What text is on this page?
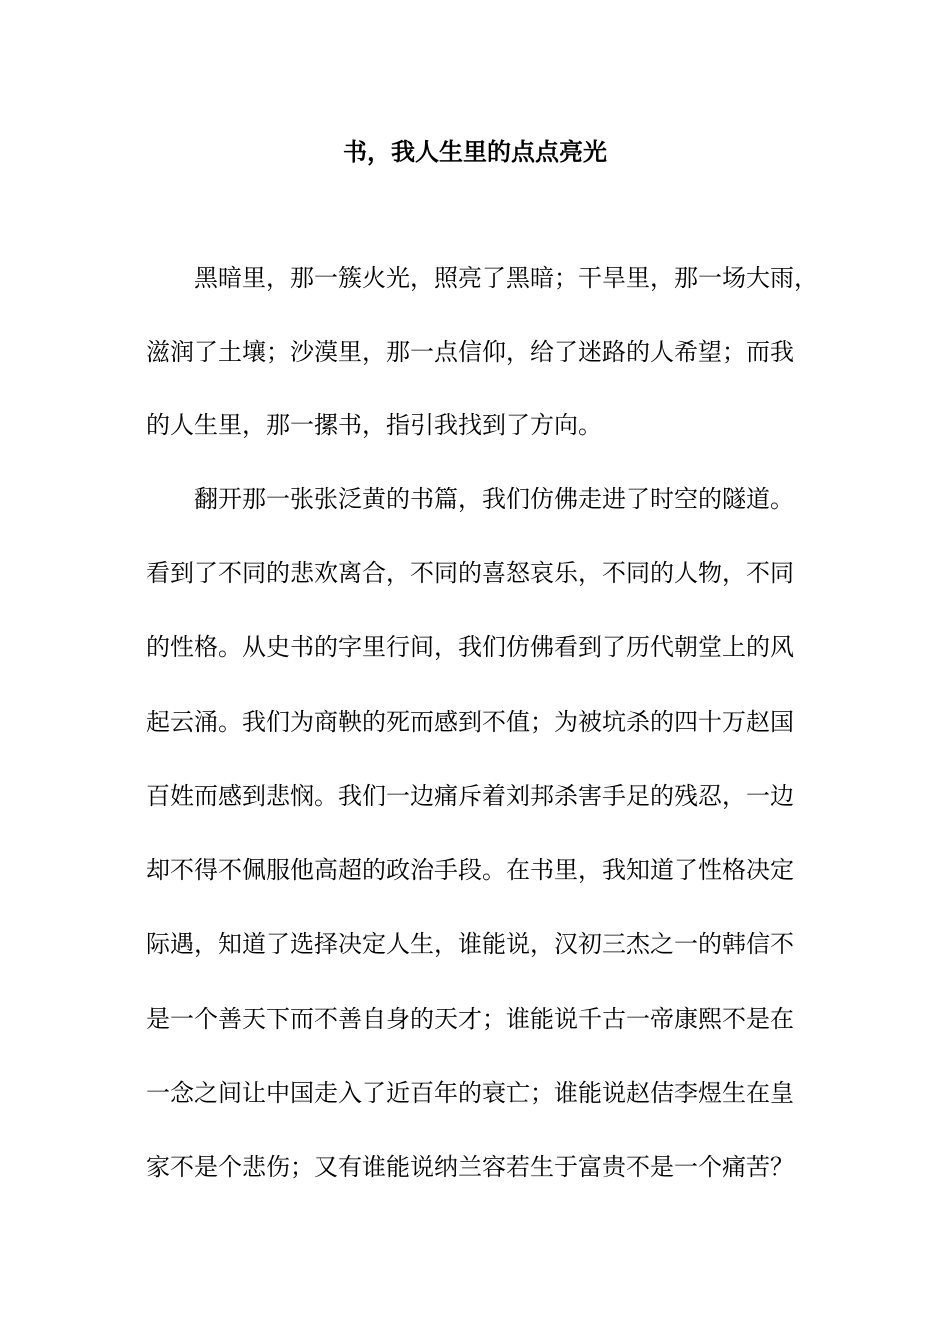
书，我人生里的点点亮光

黑暗里，那一簇火光，照亮了黑暗；干旱里，那一场大雨，

滋润了土壤；沙漠里，那一点信仰，给了迷路的人希望；而我

的人生里，那一摞书，指引我找到了方向。

翻开那一张张泛黄的书篇，我们仿佛走进了时空的隧道。

看到了不同的悲欢离合，不同的喜怒哀乐，不同的人物，不同

的性格。从史书的字里行间，我们仿佛看到了历代朝堂上的风

起云涌。我们为商鞅的死而感到不值；为被坑杀的四十万赵国

百姓而感到悲悯。我们一边痛斥着刘邦杀害手足的残忍，一边

却不得不佩服他高超的政治手段。在书里，我知道了性格决定

际遇，知道了选择决定人生，谁能说，汉初三杰之一的韩信不

是一个善天下而不善自身的天才；谁能说千古一帝康熙不是在

一念之间让中国走入了近百年的衰亡；谁能说赵佶李煜生在皇

家不是个悲伤；又有谁能说纳兰容若生于富贵不是一个痛苦？
